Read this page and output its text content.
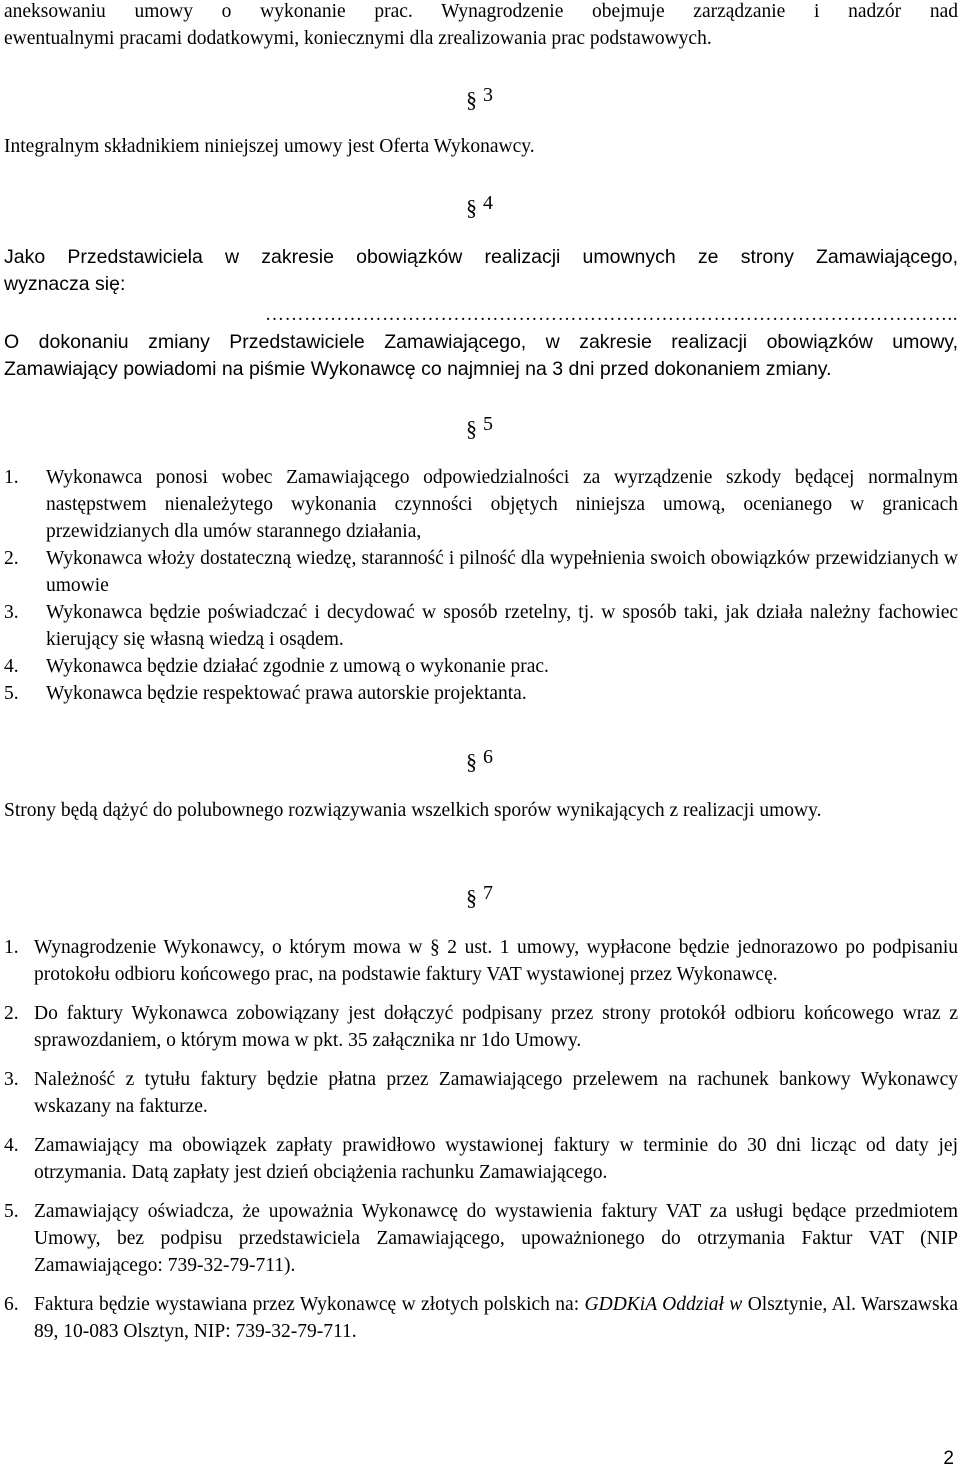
aneksowaniu umowy o wykonanie prac. Wynagrodzenie obejmuje zarządzanie i nadzór nad
ewentualnymi pracami dodatkowymi, koniecznymi dla zrealizowania prac podstawowych.
§ 3
Integralnym składnikiem niniejszej umowy jest Oferta Wykonawcy.
§ 4
Jako Przedstawiciela w zakresie obowiązków realizacji umownych ze strony Zamawiającego,
wyznacza się:
……………………………………………………………………………………………..
O dokonaniu zmiany Przedstawiciele Zamawiającego, w zakresie realizacji obowiązków umowy,
Zamawiający powiadomi na piśmie Wykonawcę co najmniej na 3 dni przed dokonaniem zmiany.
§ 5
1. Wykonawca ponosi wobec Zamawiającego odpowiedzialności za wyrządzenie szkody będącej normalnym następstwem nienależytego wykonania czynności objętych niniejsza umową, ocenianego w granicach przewidzianych dla umów starannego działania,
2. Wykonawca włoży dostateczną wiedzę, staranność i pilność dla wypełnienia swoich obowiązków przewidzianych w umowie
3. Wykonawca będzie poświadczać i decydować w sposób rzetelny, tj. w sposób taki, jak działa należny fachowiec kierujący się własną wiedzą i osądem.
4. Wykonawca będzie działać zgodnie z umową o wykonanie prac.
5. Wykonawca będzie respektować prawa autorskie projektanta.
§ 6

Strony będą dążyć do polubownego rozwiązywania wszelkich sporów wynikających z realizacji umowy.

§ 7
1. Wynagrodzenie Wykonawcy, o którym mowa w § 2 ust. 1 umowy, wypłacone będzie jednorazowo po podpisaniu protokołu odbioru końcowego prac, na podstawie faktury VAT wystawionej przez Wykonawcę.
2. Do faktury Wykonawca zobowiązany jest dołączyć podpisany przez strony protokół odbioru końcowego wraz z sprawozdaniem, o którym mowa w pkt. 35 załącznika nr 1do Umowy.
3. Należność z tytułu faktury będzie płatna przez Zamawiającego przelewem na rachunek bankowy Wykonawcy wskazany na fakturze.
4. Zamawiający ma obowiązek zapłaty prawidłowo wystawionej faktury w terminie do 30 dni licząc od daty jej otrzymania. Datą zapłaty jest dzień obciążenia rachunku Zamawiającego.
5. Zamawiający oświadcza, że upoważnia Wykonawcę do wystawienia faktury VAT za usługi będące przedmiotem Umowy, bez podpisu przedstawiciela Zamawiającego, upoważnionego do otrzymania Faktur VAT (NIP Zamawiającego: 739-32-79-711).
6. Faktura będzie wystawiana przez Wykonawcę w złotych polskich na: GDDKiA Oddział w Olsztynie, Al. Warszawska 89, 10-083 Olsztyn, NIP: 739-32-79-711.
2
